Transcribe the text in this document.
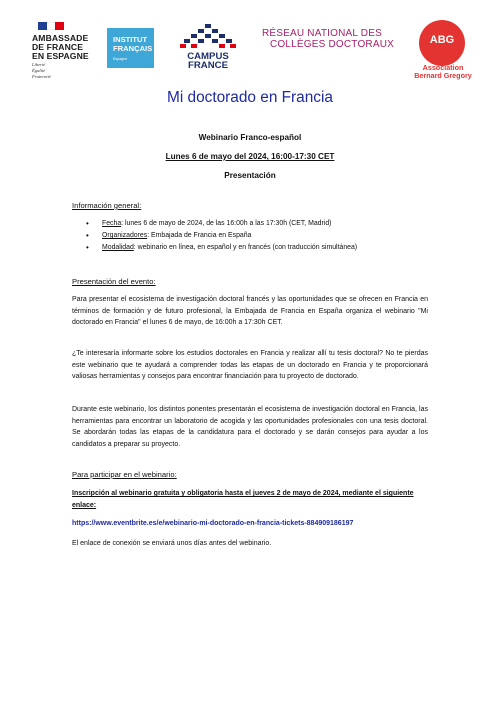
AMBASSADE
DE FRANCE
EN ESPAGNE
Liberté
Égalité
Fraternité
INSTITUT
FRANÇAIS
Espagne	CAMPUS
FRANCE
RÉSEAU NATIONAL DES
COLLÈGES DOCTORAUX	ABG
Association
Bernard Gregory
Mi doctorado en Francia
Webinario Franco-español
Lunes 6 de mayo del 2024, 16:00-17:30 CET
Presentación
Información general:
• Fecha: lunes 6 de mayo de 2024, de las 16:00h a las 17:30h (CET, Madrid)
• Organizadores: Embajada de Francia en España
• Modalidad: webinario en línea, en español y en francés (con traducción simultánea)
Presentación del evento:

Para presentar el ecosistema de investigación doctoral francés y las oportunidades que se ofrecen en Francia en términos de formación y de futuro profesional, la Embajada de Francia en España organiza el webinario "Mi doctorado en Francia" el lunes 6 de mayo, de 16:00h a 17:30h CET.

¿Te interesaría informarte sobre los estudios doctorales en Francia y realizar allí tu tesis doctoral? No te pierdas este webinario que te ayudará a comprender todas las etapas de un doctorado en Francia y te proporcionará valiosas herramientas y consejos para encontrar financiación para tu proyecto de doctorado.

Durante este webinario, los distintos ponentes presentarán el ecosistema de investigación doctoral en Francia, las herramientas para encontrar un laboratorio de acogida y las oportunidades profesionales con una tesis doctoral. Se abordarán todas las etapas de la candidatura para el doctorado y se darán consejos para ayudar a los candidatos a preparar su proyecto.

Para participar en el webinario:

Inscripción al webinario gratuita y obligatoria hasta el jueves 2 de mayo de 2024, mediante el siguiente enlace:

https://www.eventbrite.es/e/webinario-mi-doctorado-en-francia-tickets-884909186197

El enlace de conexión se enviará unos días antes del webinario.
